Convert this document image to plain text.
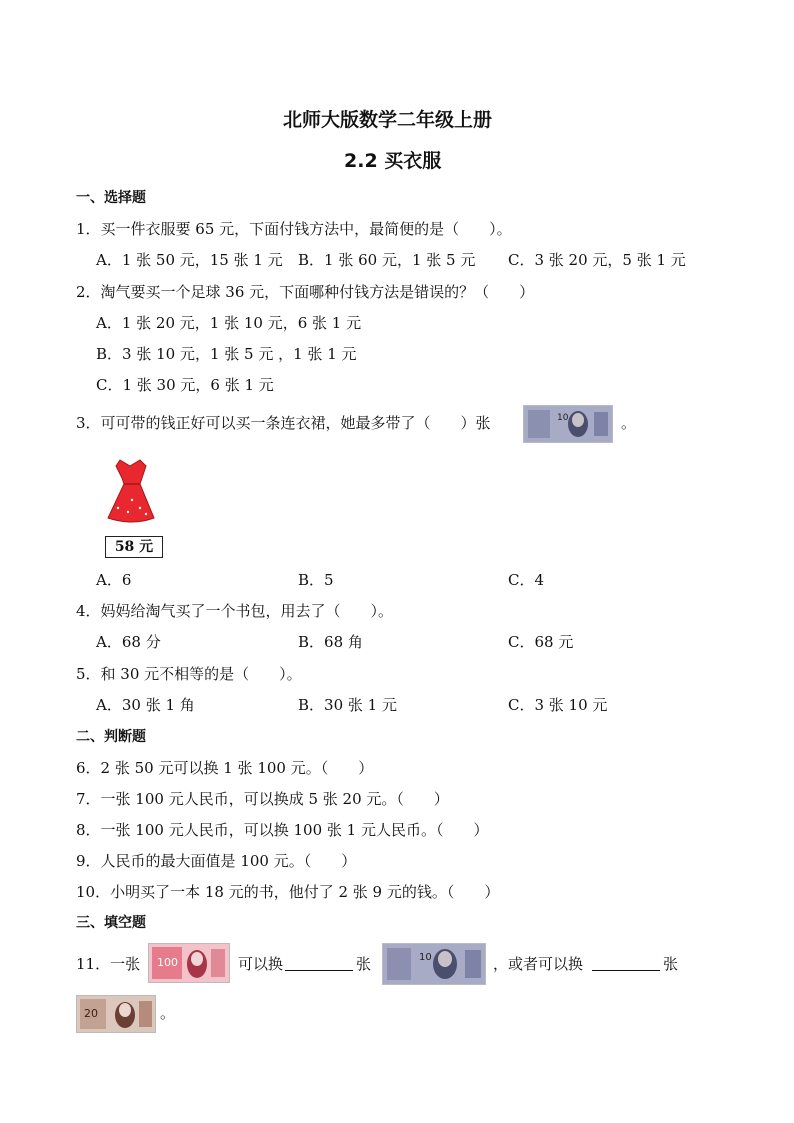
北师大版数学二年级上册
2.2 买衣服
一、选择题
1．买一件衣服要 65 元，下面付钱方法中，最简便的是（　　）。
A．1 张 50 元，15 张 1 元 B．1 张 60 元，1 张 5 元 C．3 张 20 元，5 张 1 元
2．淘气要买一个足球 36 元，下面哪种付钱方法是错误的？（　　）
A．1 张 20 元，1 张 10 元，6 张 1 元
B．3 张 10 元，1 张 5 元 ，1 张 1 元
C．1 张 30 元，6 张 1 元
3．可可带的钱正好可以买一条连衣裙，她最多带了（　　）张	10	。
58 元
A．6	B．5	C．4
4．妈妈给淘气买了一个书包，用去了（　　）。
A．68 分	B．68 角	C．68 元
5．和 30 元不相等的是（　　）。
A．30 张 1 角	B．30 张 1 元	C．3 张 10 元
二、判断题
6．2 张 50 元可以换 1 张 100 元。（　　）
7．一张 100 元人民币，可以换成 5 张 20 元。（　　）
8．一张 100 元人民币，可以换 100 张 1 元人民币。（　　）
9．人民币的最大面值是 100 元。（　　）
10．小明买了一本 18 元的书，他付了 2 张 9 元的钱。（　　）
三、填空题
11．一张 100	可以换	张	10	，或者可以换	张
20	。
